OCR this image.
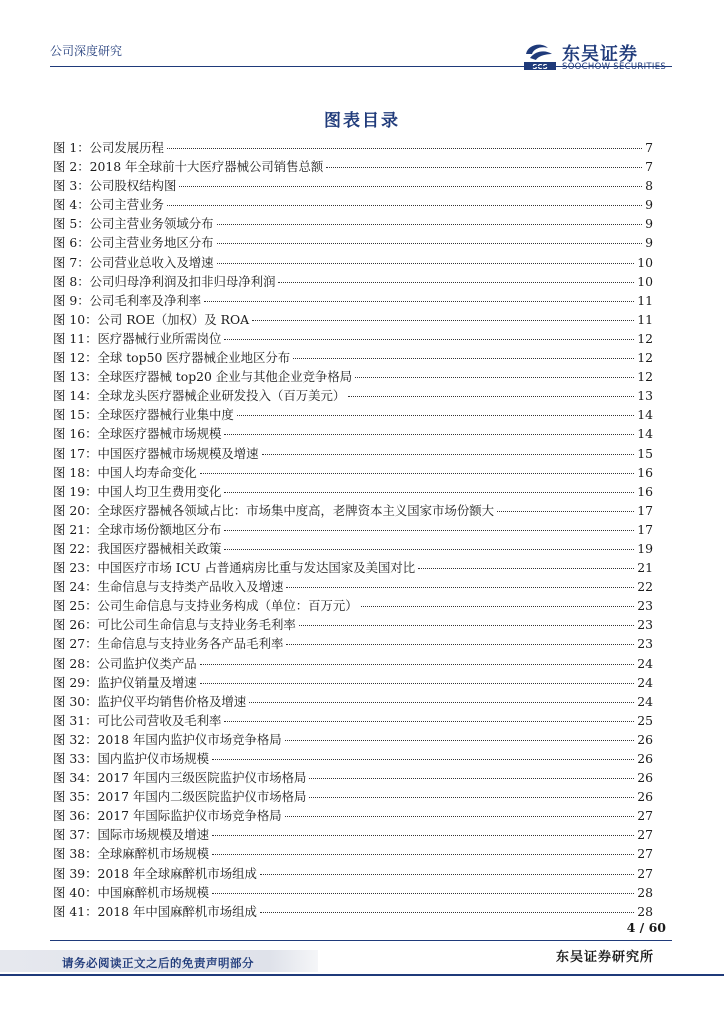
公司深度研究
SCS
东吴证券
SOOCHOW SECURITIES
图表目录
图 1：公司发展历程	7
图 2：2018 年全球前十大医疗器械公司销售总额	7
图 3：公司股权结构图	8
图 4：公司主营业务	9
图 5：公司主营业务领域分布	9
图 6：公司主营业务地区分布	9
图 7：公司营业总收入及增速	10
图 8：公司归母净利润及扣非归母净利润	10
图 9：公司毛利率及净利率	11
图 10：公司 ROE（加权）及 ROA	11
图 11：医疗器械行业所需岗位	12
图 12：全球 top50 医疗器械企业地区分布	12
图 13：全球医疗器械 top20 企业与其他企业竞争格局	12
图 14：全球龙头医疗器械企业研发投入（百万美元）	13
图 15：全球医疗器械行业集中度	14
图 16：全球医疗器械市场规模	14
图 17：中国医疗器械市场规模及增速	15
图 18：中国人均寿命变化	16
图 19：中国人均卫生费用变化	16
图 20：全球医疗器械各领域占比：市场集中度高，老牌资本主义国家市场份额大	17
图 21：全球市场份额地区分布	17
图 22：我国医疗器械相关政策	19
图 23：中国医疗市场 ICU 占普通病房比重与发达国家及美国对比	21
图 24：生命信息与支持类产品收入及增速	22
图 25：公司生命信息与支持业务构成（单位：百万元）	23
图 26：可比公司生命信息与支持业务毛利率	23
图 27：生命信息与支持业务各产品毛利率	23
图 28：公司监护仪类产品	24
图 29：监护仪销量及增速	24
图 30：监护仪平均销售价格及增速	24
图 31：可比公司营收及毛利率	25
图 32：2018 年国内监护仪市场竞争格局	26
图 33：国内监护仪市场规模	26
图 34：2017 年国内三级医院监护仪市场格局	26
图 35：2017 年国内二级医院监护仪市场格局	26
图 36：2017 年国际监护仪市场竞争格局	27
图 37：国际市场规模及增速	27
图 38：全球麻醉机市场规模	27
图 39：2018 年全球麻醉机市场组成	27
图 40：中国麻醉机市场规模	28
图 41：2018 年中国麻醉机市场组成	28
4 / 60
请务必阅读正文之后的免责声明部分	东吴证券研究所
